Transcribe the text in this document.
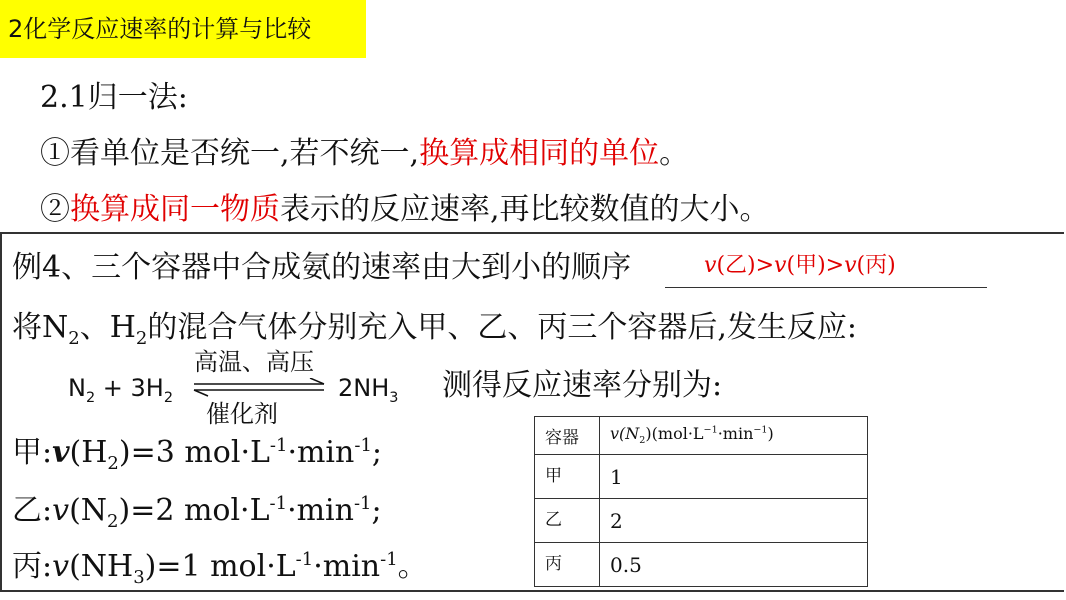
2化学反应速率的计算与比较
2.1归一法:
①看单位是否统一,若不统一,换算成相同的单位。
②换算成同一物质表示的反应速率,再比较数值的大小。
例4、三个容器中合成氨的速率由大到小的顺序	v(乙)>v(甲)>v(丙)
将$N_2$、$H_2$的混合气体分别充入甲、乙、丙三个容器后,发生反应:
$N_2 + 3H_2$
高温、高压
催化剂
$2NH_3$ 测得反应速率分别为:
甲$:v(H_2)=3$ $mol\cdot L^{-1}\cdot\min^{-1}$;
乙$:v(N_2)=2$ $mol\cdot L^{-1}\cdot\min^{-1}$;
丙$:v(NH_3)=1$ $mol\cdot L^{-1}\cdot\min^{-1}$。
容器	$v(N_2)(mol\cdot L^{-1}\cdot\min^{-1})$
甲	1
乙	2
丙	0.5
